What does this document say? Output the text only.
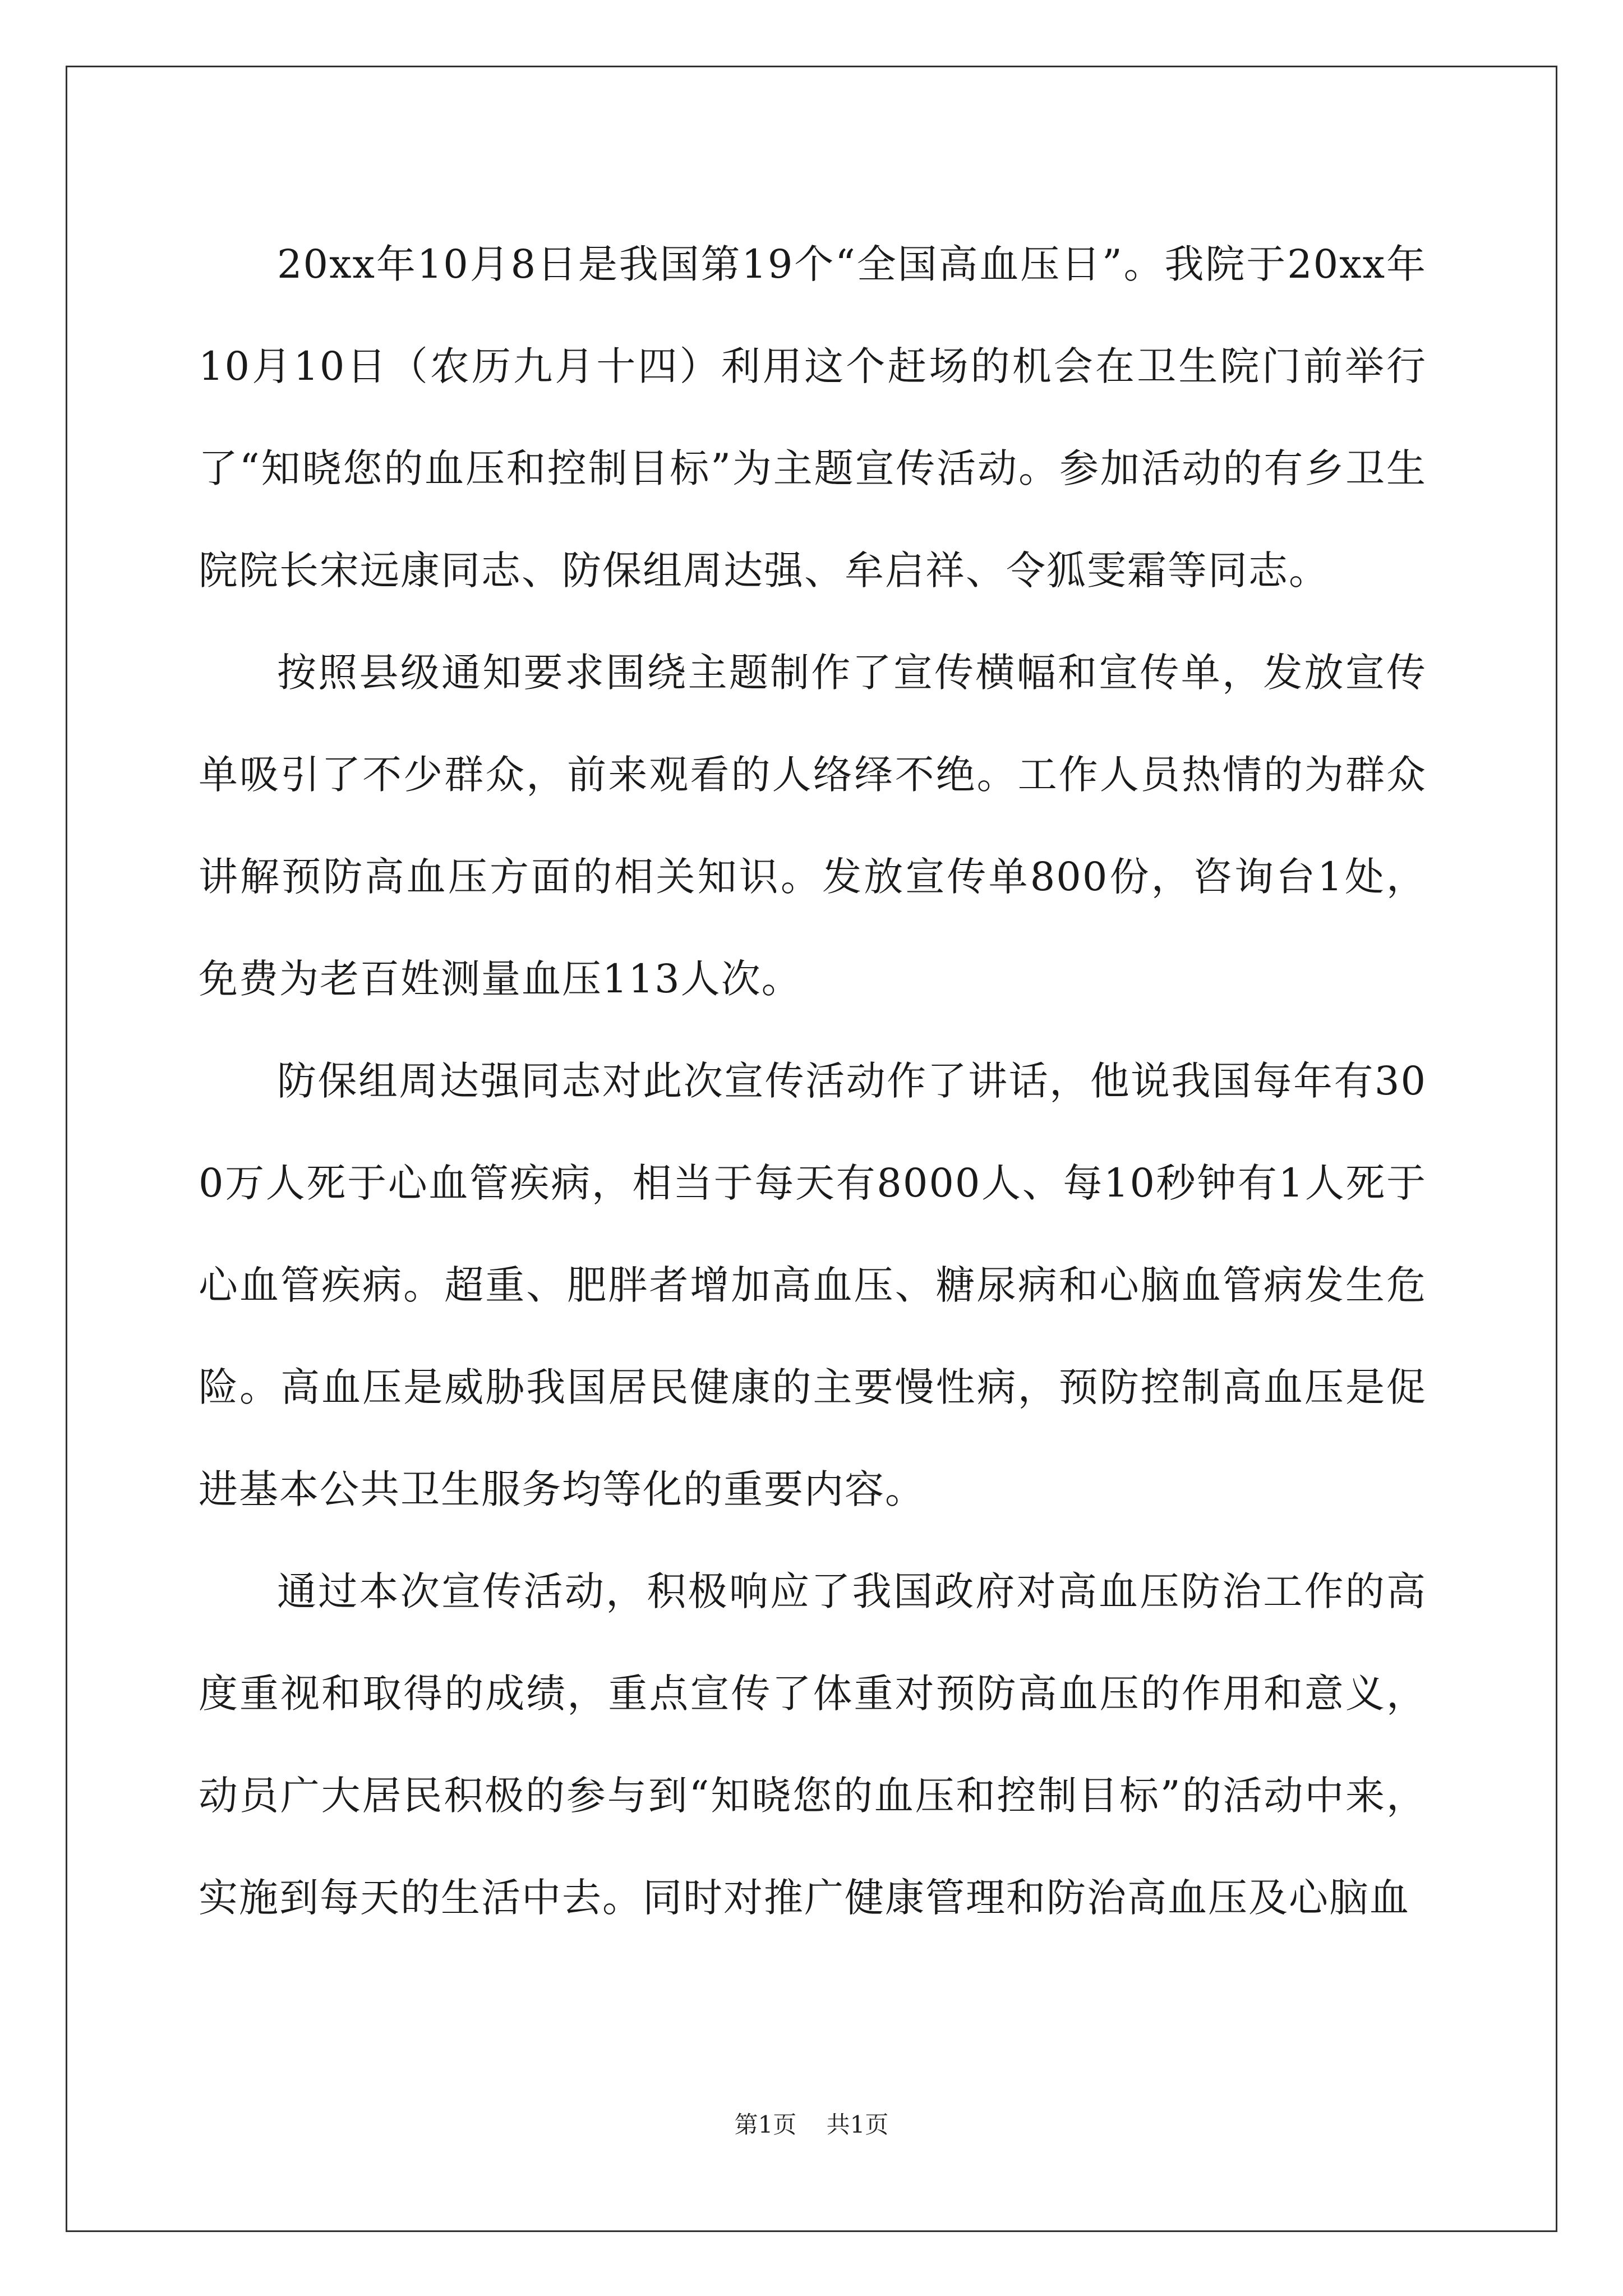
20xx年10月8日是我国第19个“全国高血压日”。我院于20xx年10月10日（农历九月十四）利用这个赶场的机会在卫生院门前举行了“知晓您的血压和控制目标”为主题宣传活动。参加活动的有乡卫生院院长宋远康同志、防保组周达强、牟启祥、令狐雯霜等同志。

按照县级通知要求围绕主题制作了宣传横幅和宣传单，发放宣传单吸引了不少群众，前来观看的人络绎不绝。工作人员热情的为群众讲解预防高血压方面的相关知识。发放宣传单800份，咨询台1处，免费为老百姓测量血压113人次。

防保组周达强同志对此次宣传活动作了讲话，他说我国每年有300万人死于心血管疾病，相当于每天有8000人、每10秒钟有1人死于心血管疾病。超重、肥胖者增加高血压、糖尿病和心脑血管病发生危险。高血压是威胁我国居民健康的主要慢性病，预防控制高血压是促进基本公共卫生服务均等化的重要内容。

通过本次宣传活动，积极响应了我国政府对高血压防治工作的高度重视和取得的成绩，重点宣传了体重对预防高血压的作用和意义，动员广大居民积极的参与到“知晓您的血压和控制目标”的活动中来，实施到每天的生活中去。同时对推广健康管理和防治高血压及心脑血

第1页 共1页
